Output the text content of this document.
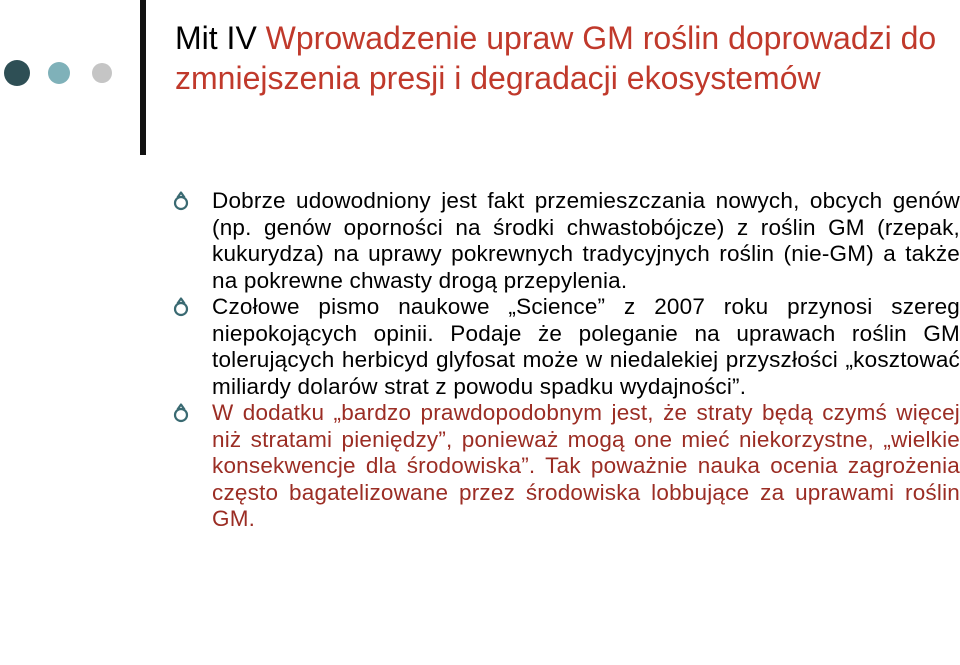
Mit IV Wprowadzenie upraw GM roślin doprowadzi do zmniejszenia presji i degradacji ekosystemów
Dobrze udowodniony jest fakt przemieszczania nowych, obcych genów (np. genów oporności na środki chwastobójcze) z roślin GM (rzepak, kukurydza) na uprawy pokrewnych tradycyjnych roślin (nie-GM) a także na pokrewne chwasty drogą przepylenia.
Czołowe pismo naukowe „Science” z 2007 roku przynosi szereg niepokojących opinii. Podaje że poleganie na uprawach roślin GM tolerujących herbicyd glyfosat może w niedalekiej przyszłości „kosztować miliardy dolarów strat z powodu spadku wydajności”.
W dodatku „bardzo prawdopodobnym jest, że straty będą czymś więcej niż stratami pieniędzy”, ponieważ mogą one mieć niekorzystne, „wielkie konsekwencje dla środowiska”. Tak poważnie nauka ocenia zagrożenia często bagatelizowane przez środowiska lobbujące za uprawami roślin GM.
